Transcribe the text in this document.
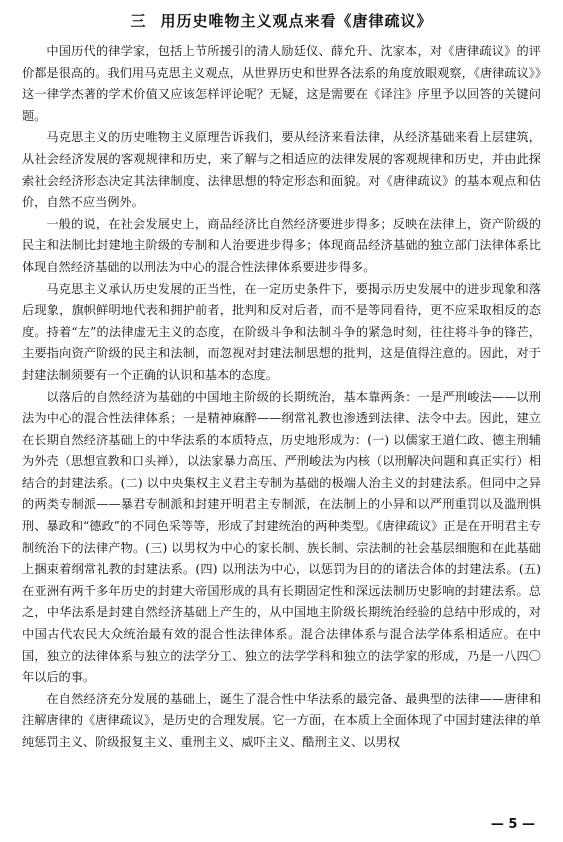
三 用历史唯物主义观点来看《唐律疏议》

中国历代的律学家，包括上节所援引的清人励廷仪、薛允升、沈家本，对《唐律疏议》的评价都是很高的。我们用马克思主义观点，从世界历史和世界各法系的角度放眼观察，《唐律疏议》》这一律学杰著的学术价值又应该怎样评论呢？无疑，这是需要在《译注》序里予以回答的关键问题。

马克思主义的历史唯物主义原理告诉我们，要从经济来看法律，从经济基础来看上层建筑，从社会经济发展的客观规律和历史，来了解与之相适应的法律发展的客观规律和历史，并由此探索社会经济形态决定其法律制度、法律思想的特定形态和面貌。对《唐律疏议》的基本观点和估价，自然不应当例外。

一般的说，在社会发展史上，商品经济比自然经济要进步得多；反映在法律上，资产阶级的民主和法制比封建地主阶级的专制和人治要进步得多；体现商品经济基础的独立部门法律体系比体现自然经济基础的以刑法为中心的混合性法律体系要进步得多。

马克思主义承认历史发展的正当性，在一定历史条件下，要揭示历史发展中的进步现象和落后现象，旗帜鲜明地代表和拥护前者，批判和反对后者，而不是等同看待，更不应采取相反的态度。持着“左”的法律虚无主义的态度，在阶级斗争和法制斗争的紧急时刻，往往将斗争的锋芒，主要指向资产阶级的民主和法制，而忽视对封建法制思想的批判，这是值得注意的。因此，对于封建法制须要有一个正确的认识和基本的态度。

以落后的自然经济为基础的中国地主阶级的长期统治，基本靠两条：一是严刑峻法——以刑法为中心的混合性法律体系；一是精神麻醉——纲常礼教也渗透到法律、法令中去。因此，建立在长期自然经济基础上的中华法系的本质特点，历史地形成为：(一) 以儒家王道仁政、德主刑辅为外壳（思想宣教和口头禅），以法家暴力高压、严刑峻法为内核（以刑解决问题和真正实行）相结合的封建法系。(二) 以中央集权主义君主专制为基础的极端人治主义的封建法系。但同中之异的两类专制派——暴君专制派和封建开明君主专制派，在法制上的小异和以严刑重罚以及滥刑惧刑、暴政和“德政”的不同色采等等，形成了封建统治的两种类型。《唐律疏议》正是在开明君主专制统治下的法律产物。(三) 以男权为中心的家长制、族长制、宗法制的社会基层细胞和在此基础上捆束着纲常礼教的封建法系。(四) 以刑法为中心，以惩罚为目的的诸法合体的封建法系。(五) 在亚洲有两千多年历史的封建大帝国形成的具有长期固定性和深远法制历史影响的封建法系。总之，中华法系是封建自然经济基础上产生的，从中国地主阶级长期统治经验的总结中形成的，对中国古代农民大众统治最有效的混合性法律体系。混合法律体系与混合法学体系相适应。在中国，独立的法律体系与独立的法学分工、独立的法学学科和独立的法学家的形成，乃是一八四〇年以后的事。

在自然经济充分发展的基础上，诞生了混合性中华法系的最完备、最典型的法律——唐律和注解唐律的《唐律疏议》，是历史的合理发展。它一方面，在本质上全面体现了中国封建法律的单纯惩罚主义、阶级报复主义、重刑主义、威吓主义、酷刑主义、以男权

— 5 —
